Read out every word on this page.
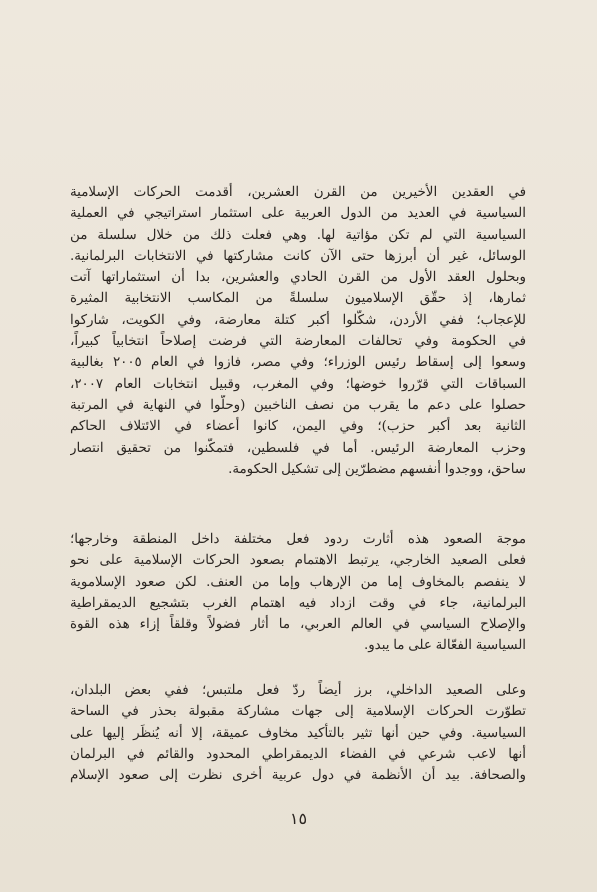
في العقدين الأخيرين من القرن العشرين، أقدمت الحركات الإسلامية
السياسية في العديد من الدول العربية على استثمار استراتيجي في العملية
السياسية التي لم تكن مؤاتية لها. وهي فعلت ذلك من خلال سلسلة من
الوسائل، غير أن أبرزها حتى الآن كانت مشاركتها في الانتخابات البرلمانية.
وبحلول العقد الأول من القرن الحادي والعشرين، بدا أن استثماراتها آتت
ثمارها، إذ حقّق الإسلاميون سلسلةً من المكاسب الانتخابية المثيرة
للإعجاب؛ ففي الأردن، شكّلوا أكبر كتلة معارضة، وفي الكويت، شاركوا
في الحكومة وفي تحالفات المعارضة التي فرضت إصلاحاً انتخابياً كبيراً،
وسعوا إلى إسقاط رئيس الوزراء؛ وفي مصر، فازوا في العام ٢٠٠٥ بغالبية
السباقات التي قرّروا خوضها؛ وفي المغرب، وقبيل انتخابات العام ٢٠٠٧،
حصلوا على دعم ما يقرب من نصف الناخبين (وحلّوا في النهاية في المرتبة
الثانية بعد أكبر حزب)؛ وفي اليمن، كانوا أعضاء في الائتلاف الحاكم
وحزب المعارضة الرئيس. أما في فلسطين، فتمكّنوا من تحقيق انتصار
ساحق، ووجدوا أنفسهم مضطرّين إلى تشكيل الحكومة.
موجة الصعود هذه أثارت ردود فعل مختلفة داخل المنطقة وخارجها؛
فعلى الصعيد الخارجي، يرتبط الاهتمام بصعود الحركات الإسلامية على نحو
لا ينفصم بالمخاوف إما من الإرهاب وإما من العنف. لكن صعود الإسلاموية
البرلمانية، جاء في وقت ازداد فيه اهتمام الغرب بتشجيع الديمقراطية
والإصلاح السياسي في العالم العربي، ما أثار فضولاً وقلقاً إزاء هذه القوة
السياسية الفعّالة على ما يبدو.
وعلى الصعيد الداخلي، برز أيضاً ردّ فعل ملتبس؛ ففي بعض البلدان،
تطوّرت الحركات الإسلامية إلى جهات مشاركة مقبولة بحذر في الساحة
السياسية. وفي حين أنها تثير بالتأكيد مخاوف عميقة، إلا أنه يُنظَر إليها على
أنها لاعب شرعي في الفضاء الديمقراطي المحدود والقائم في البرلمان
والصحافة. بيد أن الأنظمة في دول عربية أخرى نظرت إلى صعود الإسلام
١٥
